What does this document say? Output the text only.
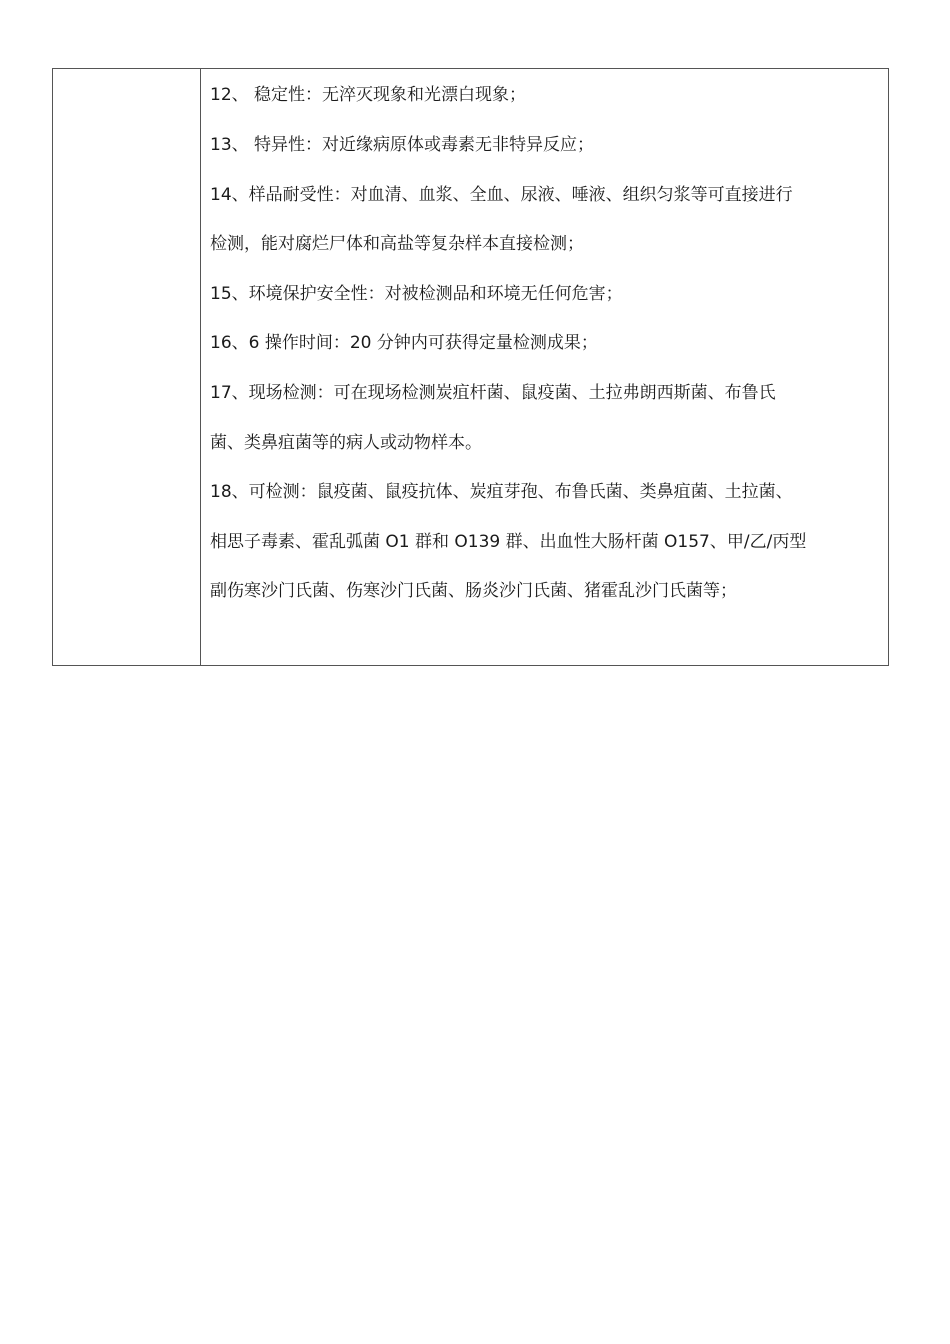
12、 稳定性：无淬灭现象和光漂白现象；
13、 特异性：对近缘病原体或毒素无非特异反应；
14、样品耐受性：对血清、血浆、全血、尿液、唾液、组织匀浆等可直接进行
检测，能对腐烂尸体和高盐等复杂样本直接检测；
15、环境保护安全性：对被检测品和环境无任何危害；
16、6 操作时间：20 分钟内可获得定量检测成果；
17、现场检测：可在现场检测炭疽杆菌、鼠疫菌、土拉弗朗西斯菌、布鲁氏
菌、类鼻疽菌等的病人或动物样本。
18、可检测：鼠疫菌、鼠疫抗体、炭疽芽孢、布鲁氏菌、类鼻疽菌、土拉菌、
相思子毒素、霍乱弧菌 O1 群和 O139 群、出血性大肠杆菌 O157、甲/乙/丙型
副伤寒沙门氏菌、伤寒沙门氏菌、肠炎沙门氏菌、猪霍乱沙门氏菌等；
